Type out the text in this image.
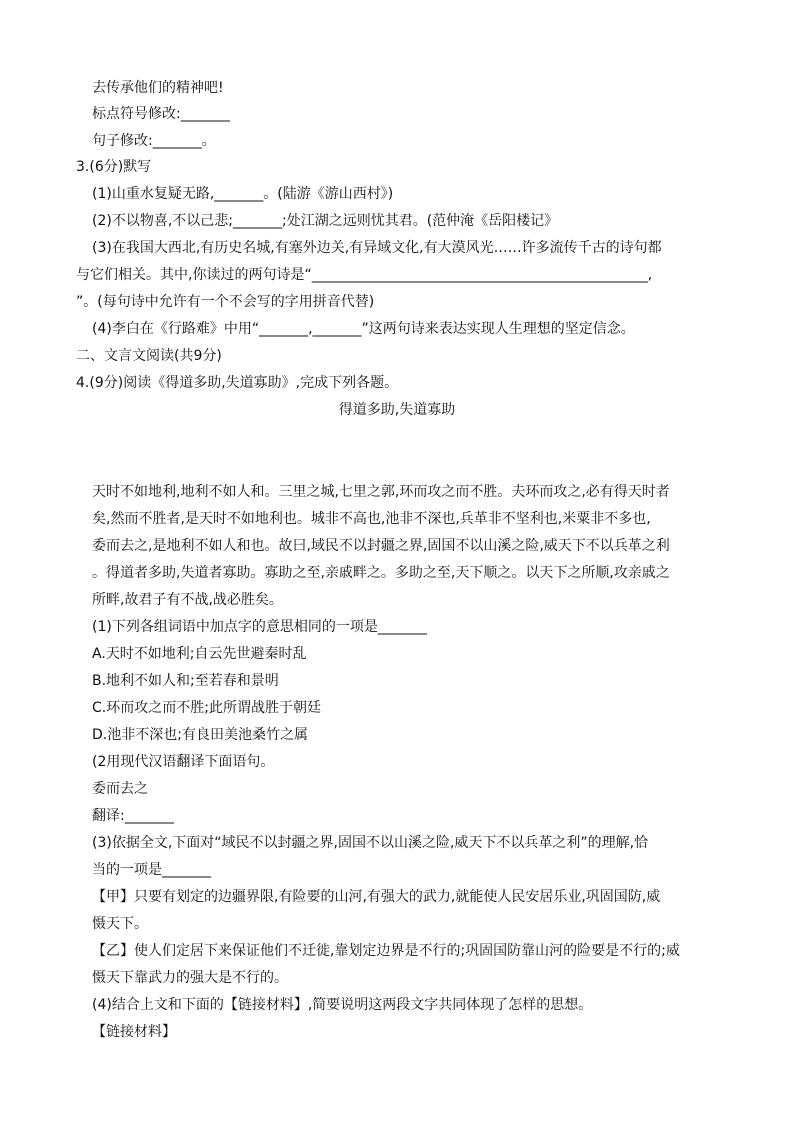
去传承他们的精神吧!
标点符号修改:_______
句子修改:_______。
3.(6分)默写
(1)山重水复疑无路,_______。(陆游《游山西村》)
(2)不以物喜,不以己悲;_______;处江湖之远则忧其君。(范仲淹《岳阳楼记》
(3)在我国大西北,有历史名城,有塞外边关,有异域文化,有大漠风光……许多流传千古的诗句都
与它们相关。其中,你读过的两句诗是“________________________________________________,
”。(每句诗中允许有一个不会写的字用拼音代替)
(4)李白在《行路难》中用“_______,_______”这两句诗来表达实现人生理想的坚定信念。
二、文言文阅读(共9分)
4.(9分)阅读《得道多助,失道寡助》,完成下列各题。
得道多助,失道寡助
天时不如地利,地利不如人和。三里之城,七里之郭,环而攻之而不胜。夫环而攻之,必有得天时者
矣,然而不胜者,是天时不如地利也。城非不高也,池非不深也,兵革非不坚利也,米粟非不多也,
委而去之,是地利不如人和也。故曰,域民不以封疆之界,固国不以山溪之险,威天下不以兵革之利
。得道者多助,失道者寡助。寡助之至,亲戚畔之。多助之至,天下顺之。以天下之所顺,攻亲戚之
所畔,故君子有不战,战必胜矣。
(1)下列各组词语中加点字的意思相同的一项是_______
A.天时不如地利;自云先世避秦时乱
B.地利不如人和;至若春和景明
C.环而攻之而不胜;此所谓战胜于朝廷
D.池非不深也;有良田美池桑竹之属
(2用现代汉语翻译下面语句。
委而去之
翻译:_______
(3)依据全文,下面对“域民不以封疆之界,固国不以山溪之险,威天下不以兵革之利”的理解,恰
当的一项是_______
【甲】只要有划定的边疆界限,有险要的山河,有强大的武力,就能使人民安居乐业,巩固国防,威
慑天下。
【乙】使人们定居下来保证他们不迁徙,靠划定边界是不行的;巩固国防靠山河的险要是不行的;威
慑天下靠武力的强大是不行的。
(4)结合上文和下面的【链接材料】,简要说明这两段文字共同体现了怎样的思想。
【链接材料】
